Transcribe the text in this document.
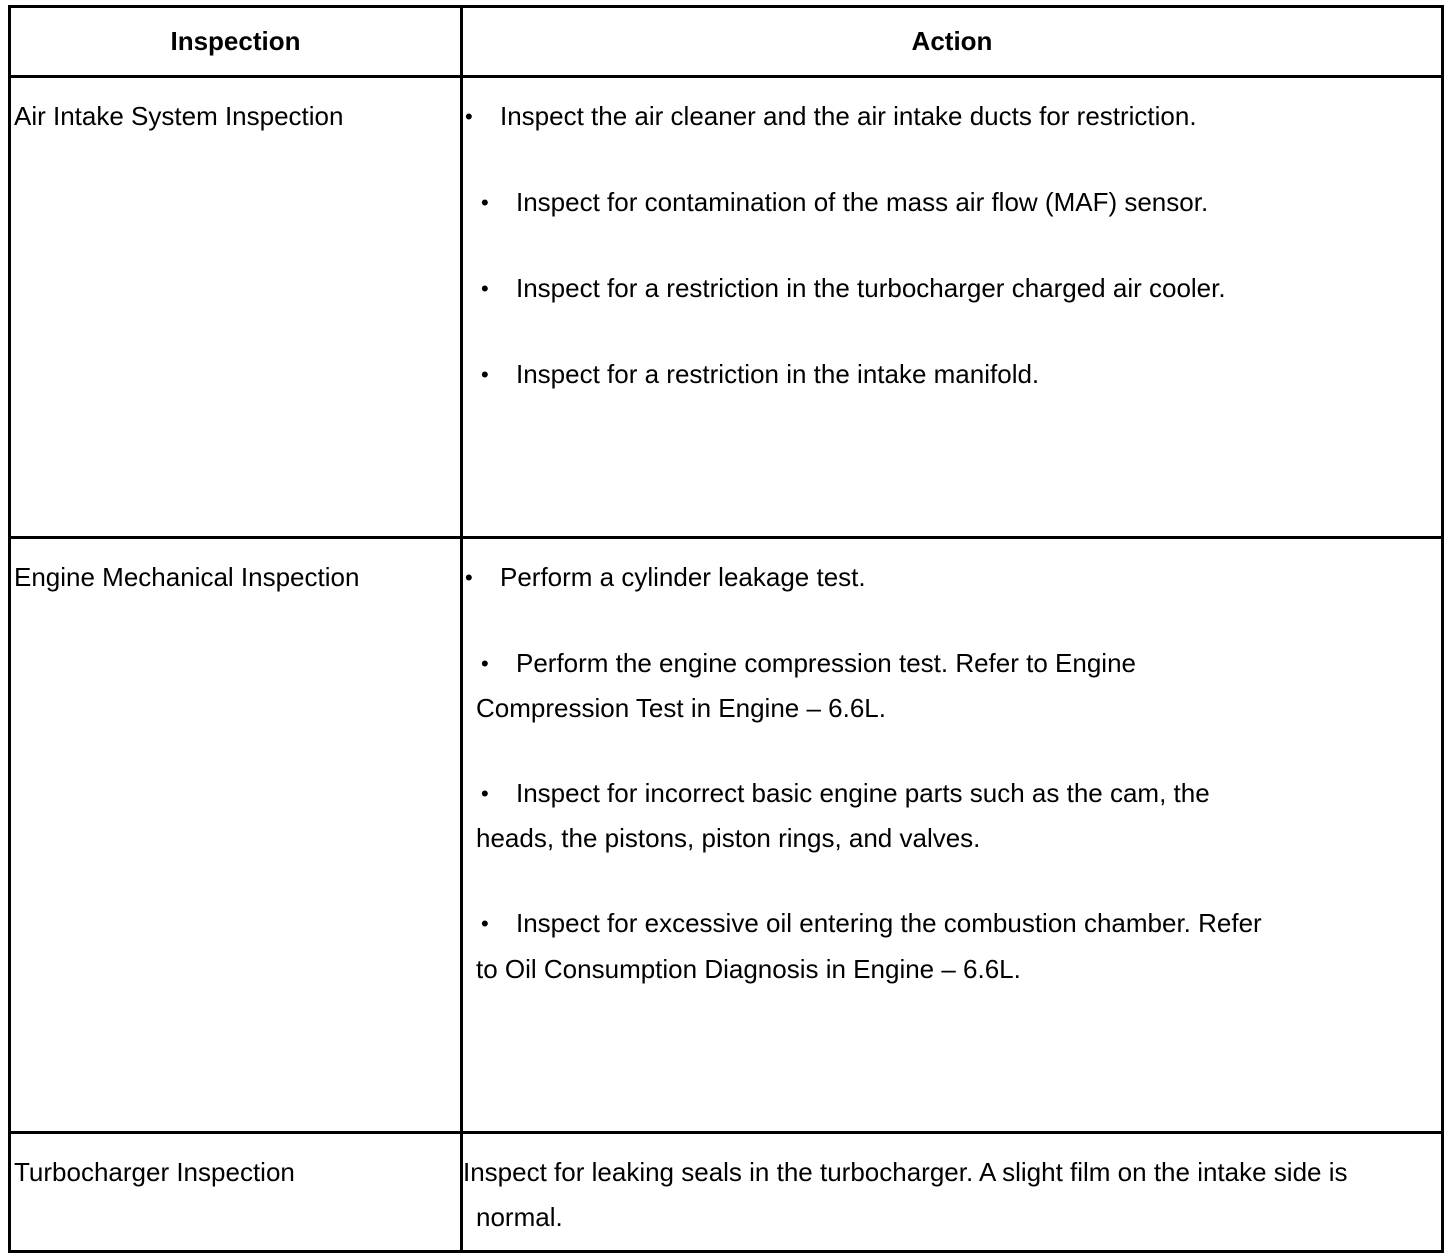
Inspection	Action
Air Intake System Inspection	• Inspect the air cleaner and the air intake ducts for restriction.
• Inspect for contamination of the mass air flow (MAF) sensor.
• Inspect for a restriction in the turbocharger charged air cooler.
• Inspect for a restriction in the intake manifold.
Engine Mechanical Inspection	• Perform a cylinder leakage test.
• Perform the engine compression test. Refer to Engine
Compression Test in Engine – 6.6L.
• Inspect for incorrect basic engine parts such as the cam, the
heads, the pistons, piston rings, and valves.
• Inspect for excessive oil entering the combustion chamber. Refer
to Oil Consumption Diagnosis in Engine – 6.6L.
Turbocharger Inspection	Inspect for leaking seals in the turbocharger. A slight film on the intake side is
normal.
